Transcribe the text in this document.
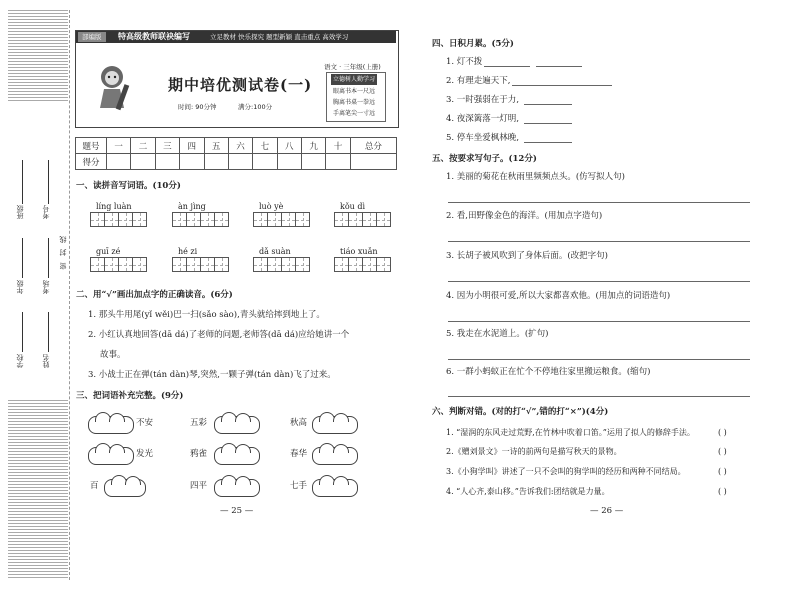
班级	考号
密 封 线
年级	考场
学校	姓名
部编版	特高级教师联袂编写	立足教材 快乐探究 题型新颖 直击重点 高效学习
期中培优测试卷(一)
时间: 90分钟	满分:100分
语文 · 三年级(上册)
立德树人勤学习
眼离书本一尺远
胸离书桌一拳远
手离笔尖一寸远
题号	一	二	三	四	五	六	七	八	九	十	总分
得分											
一、读拼音写词语。(10分)
líng luàn	àn jìng	luò yè	kǒu dì
guī zé	hé zi	dǎ suàn	tiáo xuǎn
二、用“√”画出加点字的正确读音。(6分)
1. 那头牛用尾(yǐ wěi)巴一扫(sǎo sào),青头就给摔到地上了。
2. 小红认真地回答(dā dá)了老师的问题,老师答(dā dá)应给她讲一个
故事。
3. 小战士正在弹(tán dàn)琴,突然,一颗子弹(tán dàn)飞了过来。
三、把词语补充完整。(9分)
不安	五彩	秋高
发光	鸦雀	春华
百	四平	七手
— 25 —
四、日积月累。(5分)
1. 灯不拨
2. 有理走遍天下,
3. 一时强弱在于力,
4. 夜深篱落一灯明,
5. 停车坐爱枫林晚,
五、按要求写句子。(12分)
1. 美丽的菊花在秋雨里频频点头。(仿写拟人句)
2. 看,田野像金色的海洋。(用加点字造句)
3. 长胡子被风吹到了身体后面。(改把字句)
4. 因为小明很可爱,所以大家都喜欢他。(用加点的词语造句)
5. 我走在水泥道上。(扩句)
6. 一群小蚂蚁正在忙个不停地往家里搬运粮食。(缩句)
六、判断对错。(对的打“√”,错的打“×”)(4分)
1. “湿润的东风走过荒野,在竹林中吹着口笛。”运用了拟人的修辞手法。	( )
2.《赠刘景文》一诗的前两句是描写秋天的景物。	( )
3.《小狗学叫》讲述了一只不会叫的狗学叫的经历和两种不同结局。	( )
4. “人心齐,泰山移。”告诉我们:团结就是力量。	( )
— 26 —
